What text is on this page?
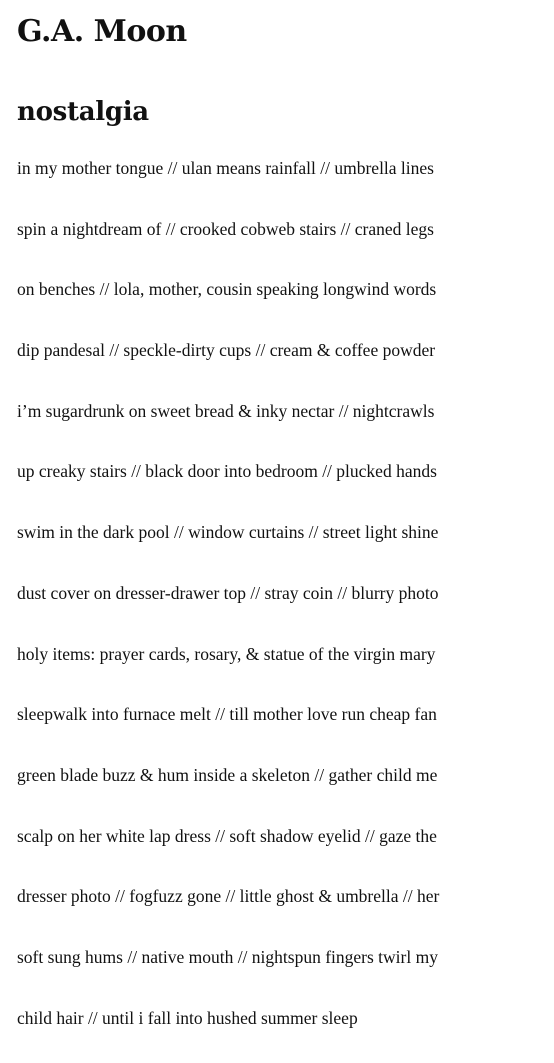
G.A. Moon
nostalgia
in my mother tongue // ulan means rainfall // umbrella lines
spin a nightdream of // crooked cobweb stairs // craned legs
on benches // lola, mother, cousin speaking longwind words
dip pandesal // speckle-dirty cups // cream & coffee powder
i’m sugardrunk on sweet bread & inky nectar // nightcrawls
up creaky stairs // black door into bedroom // plucked hands
swim in the dark pool // window curtains // street light shine
dust cover on dresser-drawer top // stray coin // blurry photo
holy items: prayer cards, rosary, & statue of the virgin mary
sleepwalk into furnace melt // till mother love run cheap fan
green blade buzz & hum inside a skeleton // gather child me
scalp on her white lap dress // soft shadow eyelid // gaze the
dresser photo // fogfuzz gone // little ghost & umbrella // her
soft sung hums // native mouth // nightspun fingers twirl my
child hair // until i fall into hushed summer sleep
